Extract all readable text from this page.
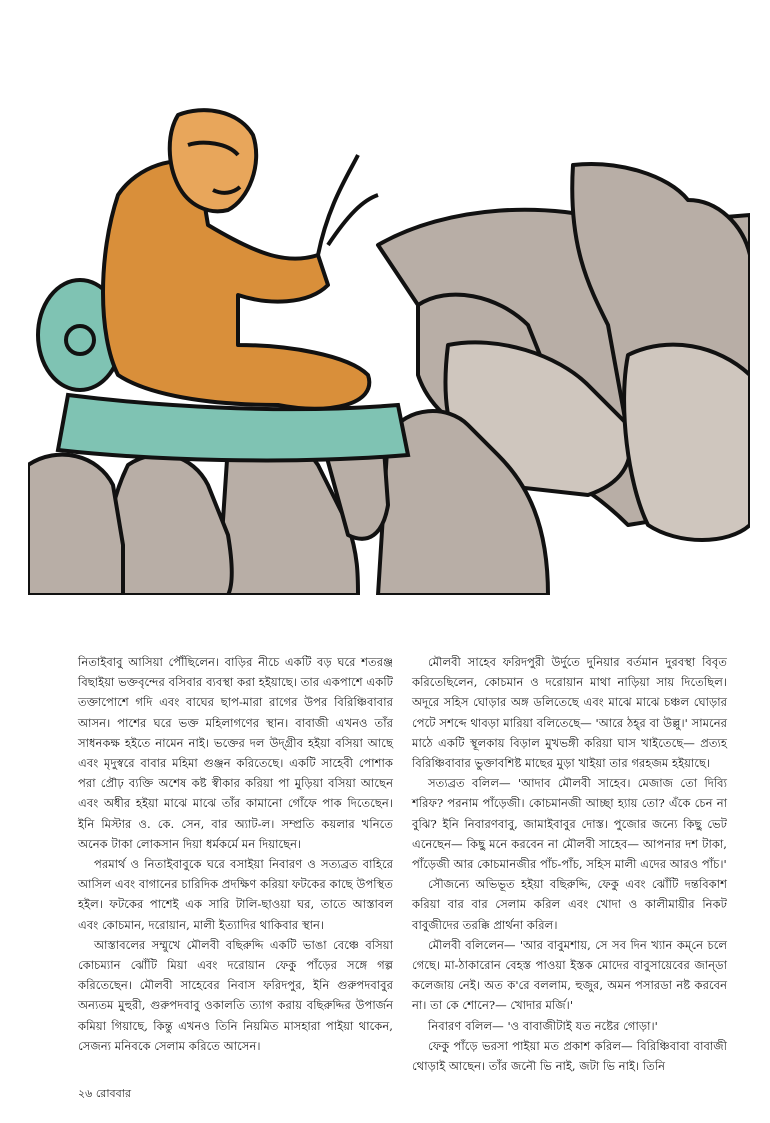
নিতাইবাবু আসিয়া পৌঁছিলেন। বাড়ির নীচে একটি বড় ঘরে শতরঞ্জ বিছাইয়া ভক্তবৃন্দের বসিবার ব্যবস্থা করা হইয়াছে। তার একপাশে একটি তক্তাপোশে গদি এবং বাঘের ছাপ-মারা রাগের উপর বিরিঞ্চিবাবার আসন। পাশের ঘরে ভক্ত মহিলাগণের স্থান। বাবাজী এখনও তাঁর সাধনকক্ষ হইতে নামেন নাই। ভক্তের দল উদ্‌গ্রীব হইয়া বসিয়া আছে এবং মৃদুস্বরে বাবার মহিমা গুঞ্জন করিতেছে। একটি সাহেবী পোশাক পরা প্রৌঢ় ব্যক্তি অশেষ কষ্ট স্বীকার করিয়া পা মুড়িয়া বসিয়া আছেন এবং অধীর হইয়া মাঝে মাঝে তাঁর কামানো গোঁফে পাক দিতেছেন। ইনি মিস্টার ও. কে. সেন, বার অ্যাট-ল। সম্প্রতি কয়লার খনিতে অনেক টাকা লোকসান দিয়া ধর্মকর্মে মন দিয়াছেন।

পরমার্থ ও নিতাইবাবুকে ঘরে বসাইয়া নিবারণ ও সত্যব্রত বাহিরে আসিল এবং বাগানের চারিদিক প্রদক্ষিণ করিয়া ফটকের কাছে উপস্থিত হইল। ফটকের পাশেই এক সারি টালি-ছাওয়া ঘর, তাতে আস্তাবল এবং কোচমান, দরোয়ান, মালী ইত্যাদির থাকিবার স্থান।

আস্তাবলের সম্মুখে মৌলবী বছিরুদ্দি একটি ভাঙা বেঞ্চে বসিয়া কোচম্যান ঝোঁটি মিয়া এবং দরোয়ান ফেকু পাঁড়ের সঙ্গে গল্প করিতেছেন। মৌলবী সাহেবের নিবাস ফরিদপুর, ইনি গুরুপদবাবুর অন্যতম মুহুরী, গুরুপদবাবু ওকালতি ত্যাগ করায় বছিরুদ্দির উপার্জন কমিয়া গিয়াছে, কিন্তু এখনও তিনি নিয়মিত মাসহারা পাইয়া থাকেন, সেজন্য মনিবকে সেলাম করিতে আসেন।

মৌলবী সাহেব ফরিদপুরী উর্দুতে দুনিয়ার বর্তমান দুরবস্থা বিবৃত করিতেছিলেন, কোচমান ও দরোয়ান মাথা নাড়িয়া সায় দিতেছিল। অদূরে সহিস ঘোড়ার অঙ্গ ডলিতেছে এবং মাঝে মাঝে চঞ্চল ঘোড়ার পেটে সশব্দে থাবড়া মারিয়া বলিতেছে— 'আরে ঠহ্‌র বা উল্লু।' সামনের মাঠে একটি স্থূলকায় বিড়াল মুখভঙ্গী করিয়া ঘাস খাইতেছে— প্রত্যহ বিরিঞ্চিবাবার ভুক্তাবশিষ্ট মাছের মুড়া খাইয়া তার গরহজম হইয়াছে।

সত্যব্রত বলিল— 'আদাব মৌলবী সাহেব। মেজাজ তো দিব্যি শরিফ? পরনাম পাঁড়েজী। কোচমানজী আচ্ছা হ্যায় তো? এঁকে চেন না বুঝি? ইনি নিবারণবাবু, জামাইবাবুর দোস্ত। পুজোর জন্যে কিছু ভেট এনেছেন— কিছু মনে করবেন না মৌলবী সাহেব— আপনার দশ টাকা, পাঁড়েজী আর কোচমানজীর পাঁচ-পাঁচ, সহিস মালী এদের আরও পাঁচ।'

সৌজন্যে অভিভূত হইয়া বছিরুদ্দি, ফেকু এবং ঝোঁটি দন্তবিকাশ করিয়া বার বার সেলাম করিল এবং খোদা ও কালীমায়ীর নিকট বাবুজীদের তরক্কি প্রার্থনা করিল।

মৌলবী বলিলেন— 'আর বাবুমশায়, সে সব দিন খ্যান কম্‌নে চলে গেছে। মা-ঠাকারোন বেহস্ত পাওয়া ইস্তক মোদের বাবুসায়েবের জান্‌ডা কলেজায় নেই। অত ক'রে বললাম, হুজুর, অমন পসারডা নষ্ট করবেন না। তা কে শোনে?— খোদার মর্জি।'

নিবারণ বলিল— 'ও বাবাজীটাই যত নষ্টের গোড়া।'

ফেকু পাঁড়ে ভরসা পাইয়া মত প্রকাশ করিল— বিরিঞ্চিবাবা বাবাজী থোড়াই আছেন। তাঁর জনৌ ভি নাই, জটা ভি নাই। তিনি

২৬ রোববার
